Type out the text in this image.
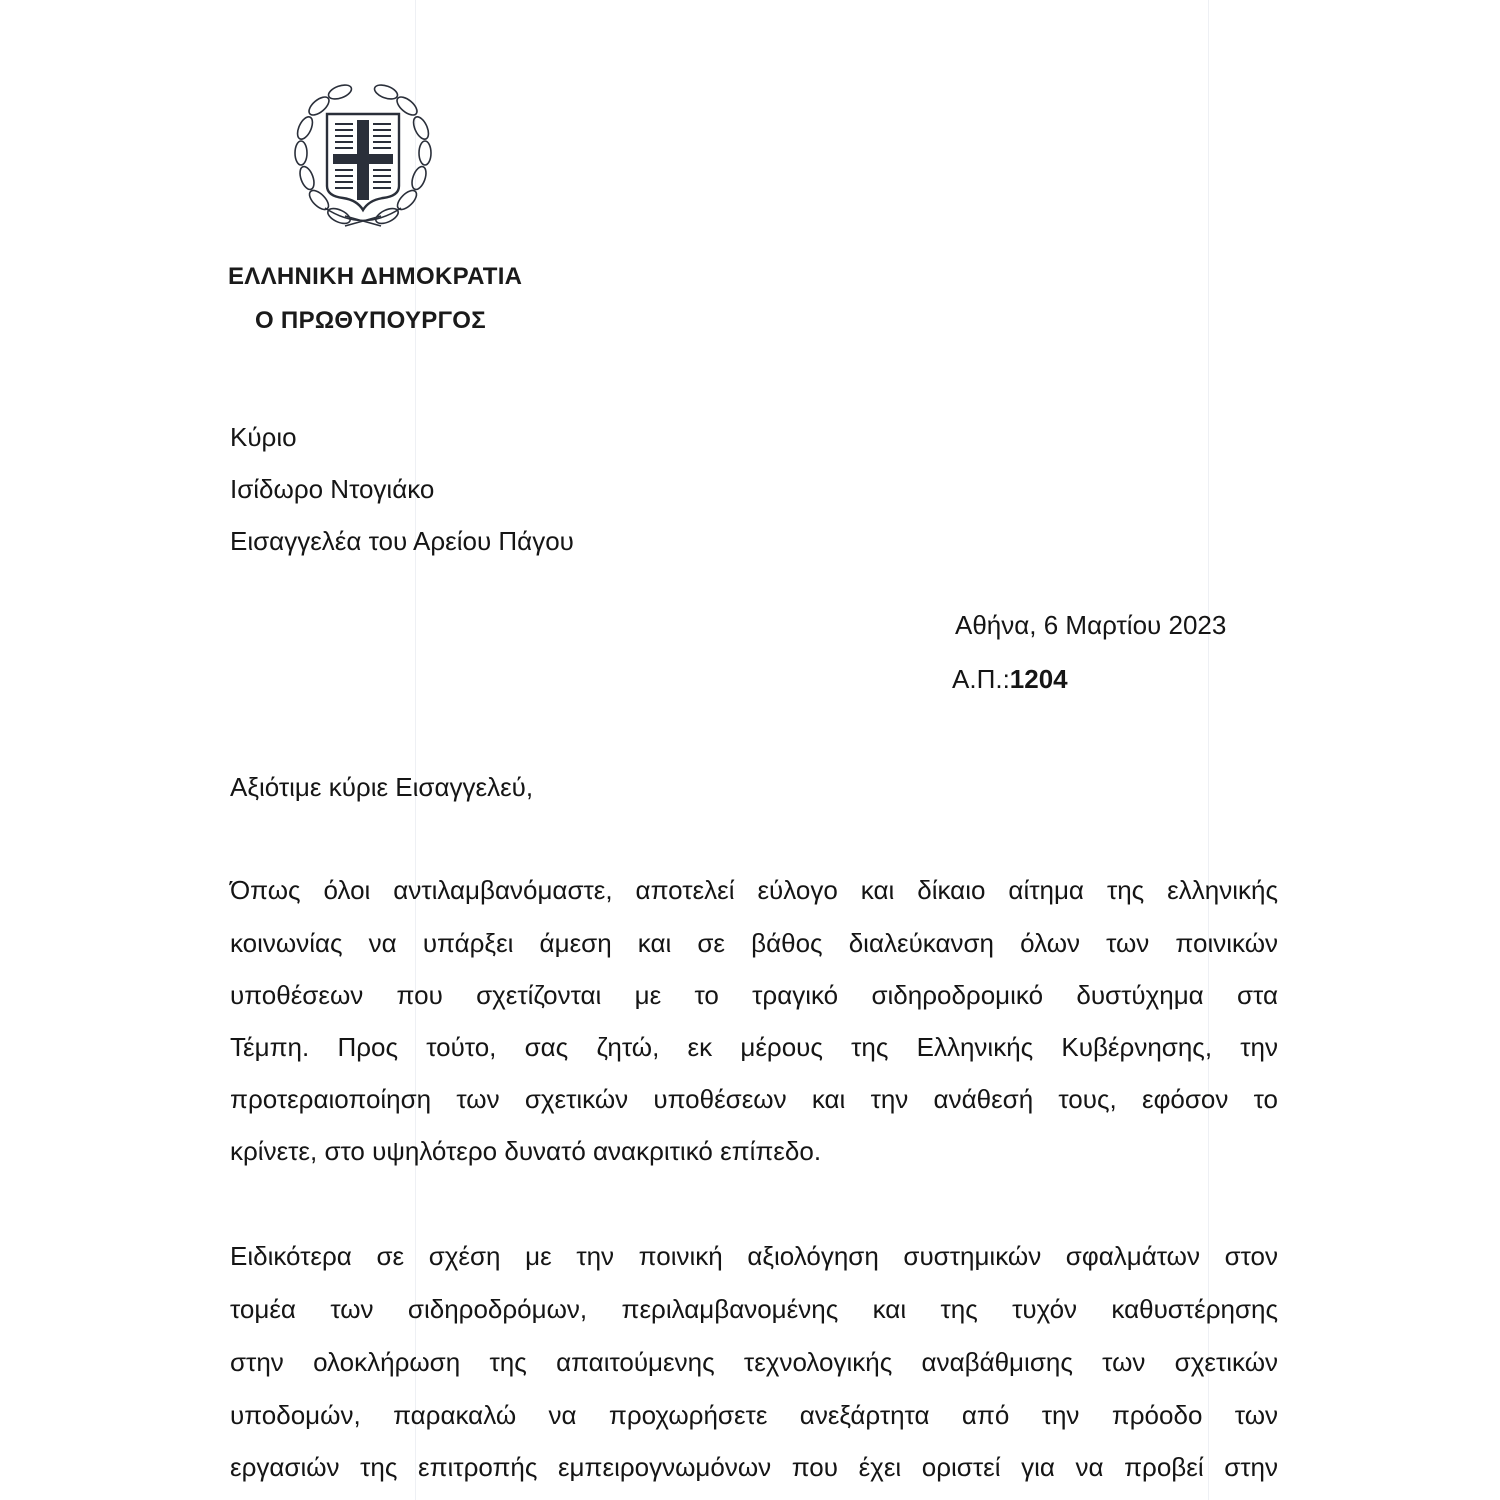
ΕΛΛΗΝΙΚΗ ΔΗΜΟΚΡΑΤΙΑ
Ο ΠΡΩΘΥΠΟΥΡΓΟΣ
Κύριο
Ισίδωρο Ντογιάκο
Εισαγγελέα του Αρείου Πάγου
Αθήνα, 6 Μαρτίου 2023
Α.Π.:1204
Αξιότιμε κύριε Εισαγγελεύ,
Όπως όλοι αντιλαμβανόμαστε, αποτελεί εύλογο και δίκαιο αίτημα της ελληνικής
κοινωνίας να υπάρξει άμεση και σε βάθος διαλεύκανση όλων των ποινικών
υποθέσεων που σχετίζονται με το τραγικό σιδηροδρομικό δυστύχημα στα
Τέμπη. Προς τούτο, σας ζητώ, εκ μέρους της Ελληνικής Κυβέρνησης, την
προτεραιοποίηση των σχετικών υποθέσεων και την ανάθεσή τους, εφόσον το
κρίνετε, στο υψηλότερο δυνατό ανακριτικό επίπεδο.
Ειδικότερα σε σχέση με την ποινική αξιολόγηση συστημικών σφαλμάτων στον
τομέα των σιδηροδρόμων, περιλαμβανομένης και της τυχόν καθυστέρησης
στην ολοκλήρωση της απαιτούμενης τεχνολογικής αναβάθμισης των σχετικών
υποδομών, παρακαλώ να προχωρήσετε ανεξάρτητα από την πρόοδο των
εργασιών της επιτροπής εμπειρογνωμόνων που έχει οριστεί για να προβεί στην
